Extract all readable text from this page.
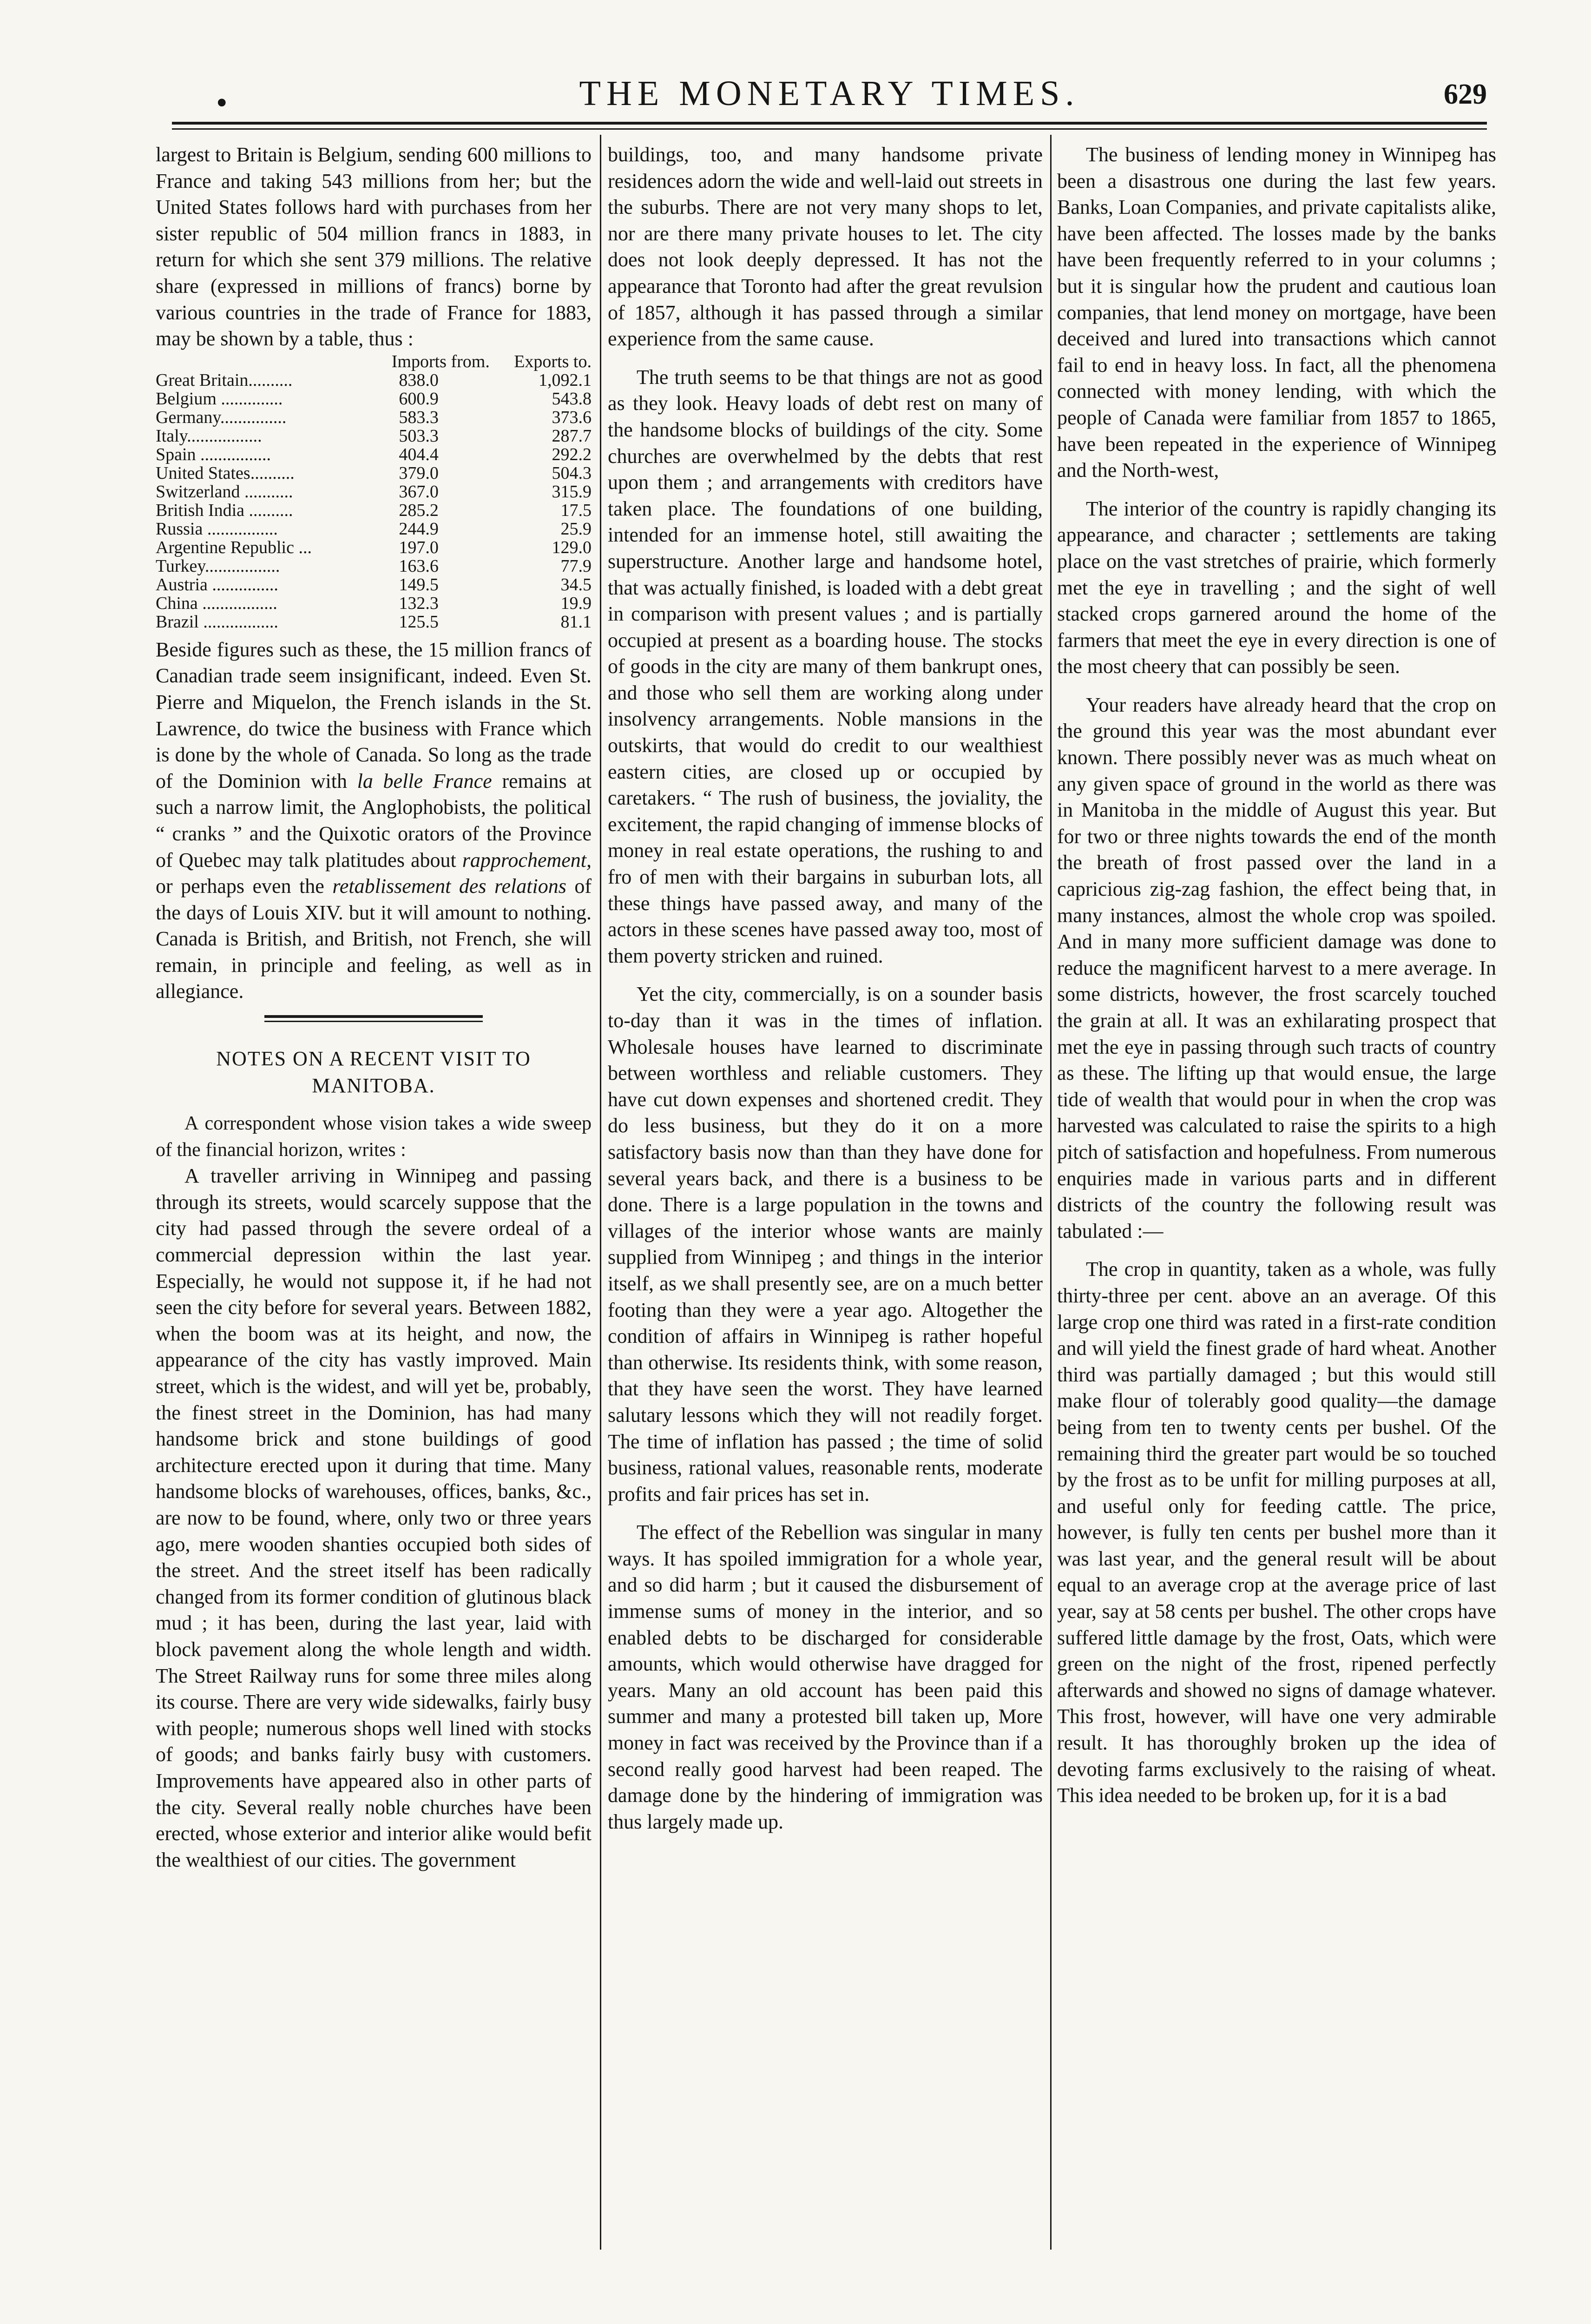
•	THE MONETARY TIMES.	629

largest to Britain is Belgium, sending 600 millions to France and taking 543 millions from her; but the United States follows hard with purchases from her sister republic of 504 million francs in 1883, in return for which she sent 379 millions. The relative share (expressed in millions of francs) borne by various countries in the trade of France for 1883, may be shown by a table, thus :

	Imports from.	Exports to.
Great Britain..........	838.0	1,092.1
Belgium ..............	600.9	543.8
Germany...............	583.3	373.6
Italy.................	503.3	287.7
Spain ................	404.4	292.2
United States..........	379.0	504.3
Switzerland ...........	367.0	315.9
British India ..........	285.2	17.5
Russia ................	244.9	25.9
Argentine Republic ...	197.0	129.0
Turkey.................	163.6	77.9
Austria ...............	149.5	34.5
China .................	132.3	19.9
Brazil .................	125.5	81.1

Beside figures such as these, the 15 million francs of Canadian trade seem insignificant, indeed. Even St. Pierre and Miquelon, the French islands in the St. Lawrence, do twice the business with France which is done by the whole of Canada. So long as the trade of the Dominion with la belle France remains at such a narrow limit, the Anglophobists, the political “ cranks ” and the Quixotic orators of the Province of Quebec may talk platitudes about rapprochement, or perhaps even the retablissement des relations of the days of Louis XIV. but it will amount to nothing. Canada is British, and British, not French, she will remain, in principle and feeling, as well as in allegiance.

NOTES ON A RECENT VISIT TO MANITOBA.

A correspondent whose vision takes a wide sweep of the financial horizon, writes :

A traveller arriving in Winnipeg and passing through its streets, would scarcely suppose that the city had passed through the severe ordeal of a commercial depression within the last year. Especially, he would not suppose it, if he had not seen the city before for several years. Between 1882, when the boom was at its height, and now, the appearance of the city has vastly improved. Main street, which is the widest, and will yet be, probably, the finest street in the Dominion, has had many handsome brick and stone buildings of good architecture erected upon it during that time. Many handsome blocks of warehouses, offices, banks, &c., are now to be found, where, only two or three years ago, mere wooden shanties occupied both sides of the street. And the street itself has been radically changed from its former condition of glutinous black mud ; it has been, during the last year, laid with block pavement along the whole length and width. The Street Railway runs for some three miles along its course. There are very wide sidewalks, fairly busy with people; numerous shops well lined with stocks of goods; and banks fairly busy with customers. Improvements have appeared also in other parts of the city. Several really noble churches have been erected, whose exterior and interior alike would befit the wealthiest of our cities. The government

buildings, too, and many handsome private residences adorn the wide and well-laid out streets in the suburbs. There are not very many shops to let, nor are there many private houses to let. The city does not look deeply depressed. It has not the appearance that Toronto had after the great revulsion of 1857, although it has passed through a similar experience from the same cause.

The truth seems to be that things are not as good as they look. Heavy loads of debt rest on many of the handsome blocks of buildings of the city. Some churches are overwhelmed by the debts that rest upon them ; and arrangements with creditors have taken place. The foundations of one building, intended for an immense hotel, still awaiting the superstructure. Another large and handsome hotel, that was actually finished, is loaded with a debt great in comparison with present values ; and is partially occupied at present as a boarding house. The stocks of goods in the city are many of them bankrupt ones, and those who sell them are working along under insolvency arrangements. Noble mansions in the outskirts, that would do credit to our wealthiest eastern cities, are closed up or occupied by caretakers. “ The rush of business, the joviality, the excitement, the rapid changing of immense blocks of money in real estate operations, the rushing to and fro of men with their bargains in suburban lots, all these things have passed away, and many of the actors in these scenes have passed away too, most of them poverty stricken and ruined.

Yet the city, commercially, is on a sounder basis to-day than it was in the times of inflation. Wholesale houses have learned to discriminate between worthless and reliable customers. They have cut down expenses and shortened credit. They do less business, but they do it on a more satisfactory basis now than than they have done for several years back, and there is a business to be done. There is a large population in the towns and villages of the interior whose wants are mainly supplied from Winnipeg ; and things in the interior itself, as we shall presently see, are on a much better footing than they were a year ago. Altogether the condition of affairs in Winnipeg is rather hopeful than otherwise. Its residents think, with some reason, that they have seen the worst. They have learned salutary lessons which they will not readily forget. The time of inflation has passed ; the time of solid business, rational values, reasonable rents, moderate profits and fair prices has set in.

The effect of the Rebellion was singular in many ways. It has spoiled immigration for a whole year, and so did harm ; but it caused the disbursement of immense sums of money in the interior, and so enabled debts to be discharged for considerable amounts, which would otherwise have dragged for years. Many an old account has been paid this summer and many a protested bill taken up, More money in fact was received by the Province than if a second really good harvest had been reaped. The damage done by the hindering of immigration was thus largely made up.

The business of lending money in Winnipeg has been a disastrous one during the last few years. Banks, Loan Companies, and private capitalists alike, have been affected. The losses made by the banks have been frequently referred to in your columns ; but it is singular how the prudent and cautious loan companies, that lend money on mortgage, have been deceived and lured into transactions which cannot fail to end in heavy loss. In fact, all the phenomena connected with money lending, with which the people of Canada were familiar from 1857 to 1865, have been repeated in the experience of Winnipeg and the North-west,

The interior of the country is rapidly changing its appearance, and character ; settlements are taking place on the vast stretches of prairie, which formerly met the eye in travelling ; and the sight of well stacked crops garnered around the home of the farmers that meet the eye in every direction is one of the most cheery that can possibly be seen.

Your readers have already heard that the crop on the ground this year was the most abundant ever known. There possibly never was as much wheat on any given space of ground in the world as there was in Manitoba in the middle of August this year. But for two or three nights towards the end of the month the breath of frost passed over the land in a capricious zig-zag fashion, the effect being that, in many instances, almost the whole crop was spoiled. And in many more sufficient damage was done to reduce the magnificent harvest to a mere average. In some districts, however, the frost scarcely touched the grain at all. It was an exhilarating prospect that met the eye in passing through such tracts of country as these. The lifting up that would ensue, the large tide of wealth that would pour in when the crop was harvested was calculated to raise the spirits to a high pitch of satisfaction and hopefulness. From numerous enquiries made in various parts and in different districts of the country the following result was tabulated :—

The crop in quantity, taken as a whole, was fully thirty-three per cent. above an an average. Of this large crop one third was rated in a first-rate condition and will yield the finest grade of hard wheat. Another third was partially damaged ; but this would still make flour of tolerably good quality—the damage being from ten to twenty cents per bushel. Of the remaining third the greater part would be so touched by the frost as to be unfit for milling purposes at all, and useful only for feeding cattle. The price, however, is fully ten cents per bushel more than it was last year, and the general result will be about equal to an average crop at the average price of last year, say at 58 cents per bushel. The other crops have suffered little damage by the frost, Oats, which were green on the night of the frost, ripened perfectly afterwards and showed no signs of damage whatever. This frost, however, will have one very admirable result. It has thoroughly broken up the idea of devoting farms exclusively to the raising of wheat. This idea needed to be broken up, for it is a bad
